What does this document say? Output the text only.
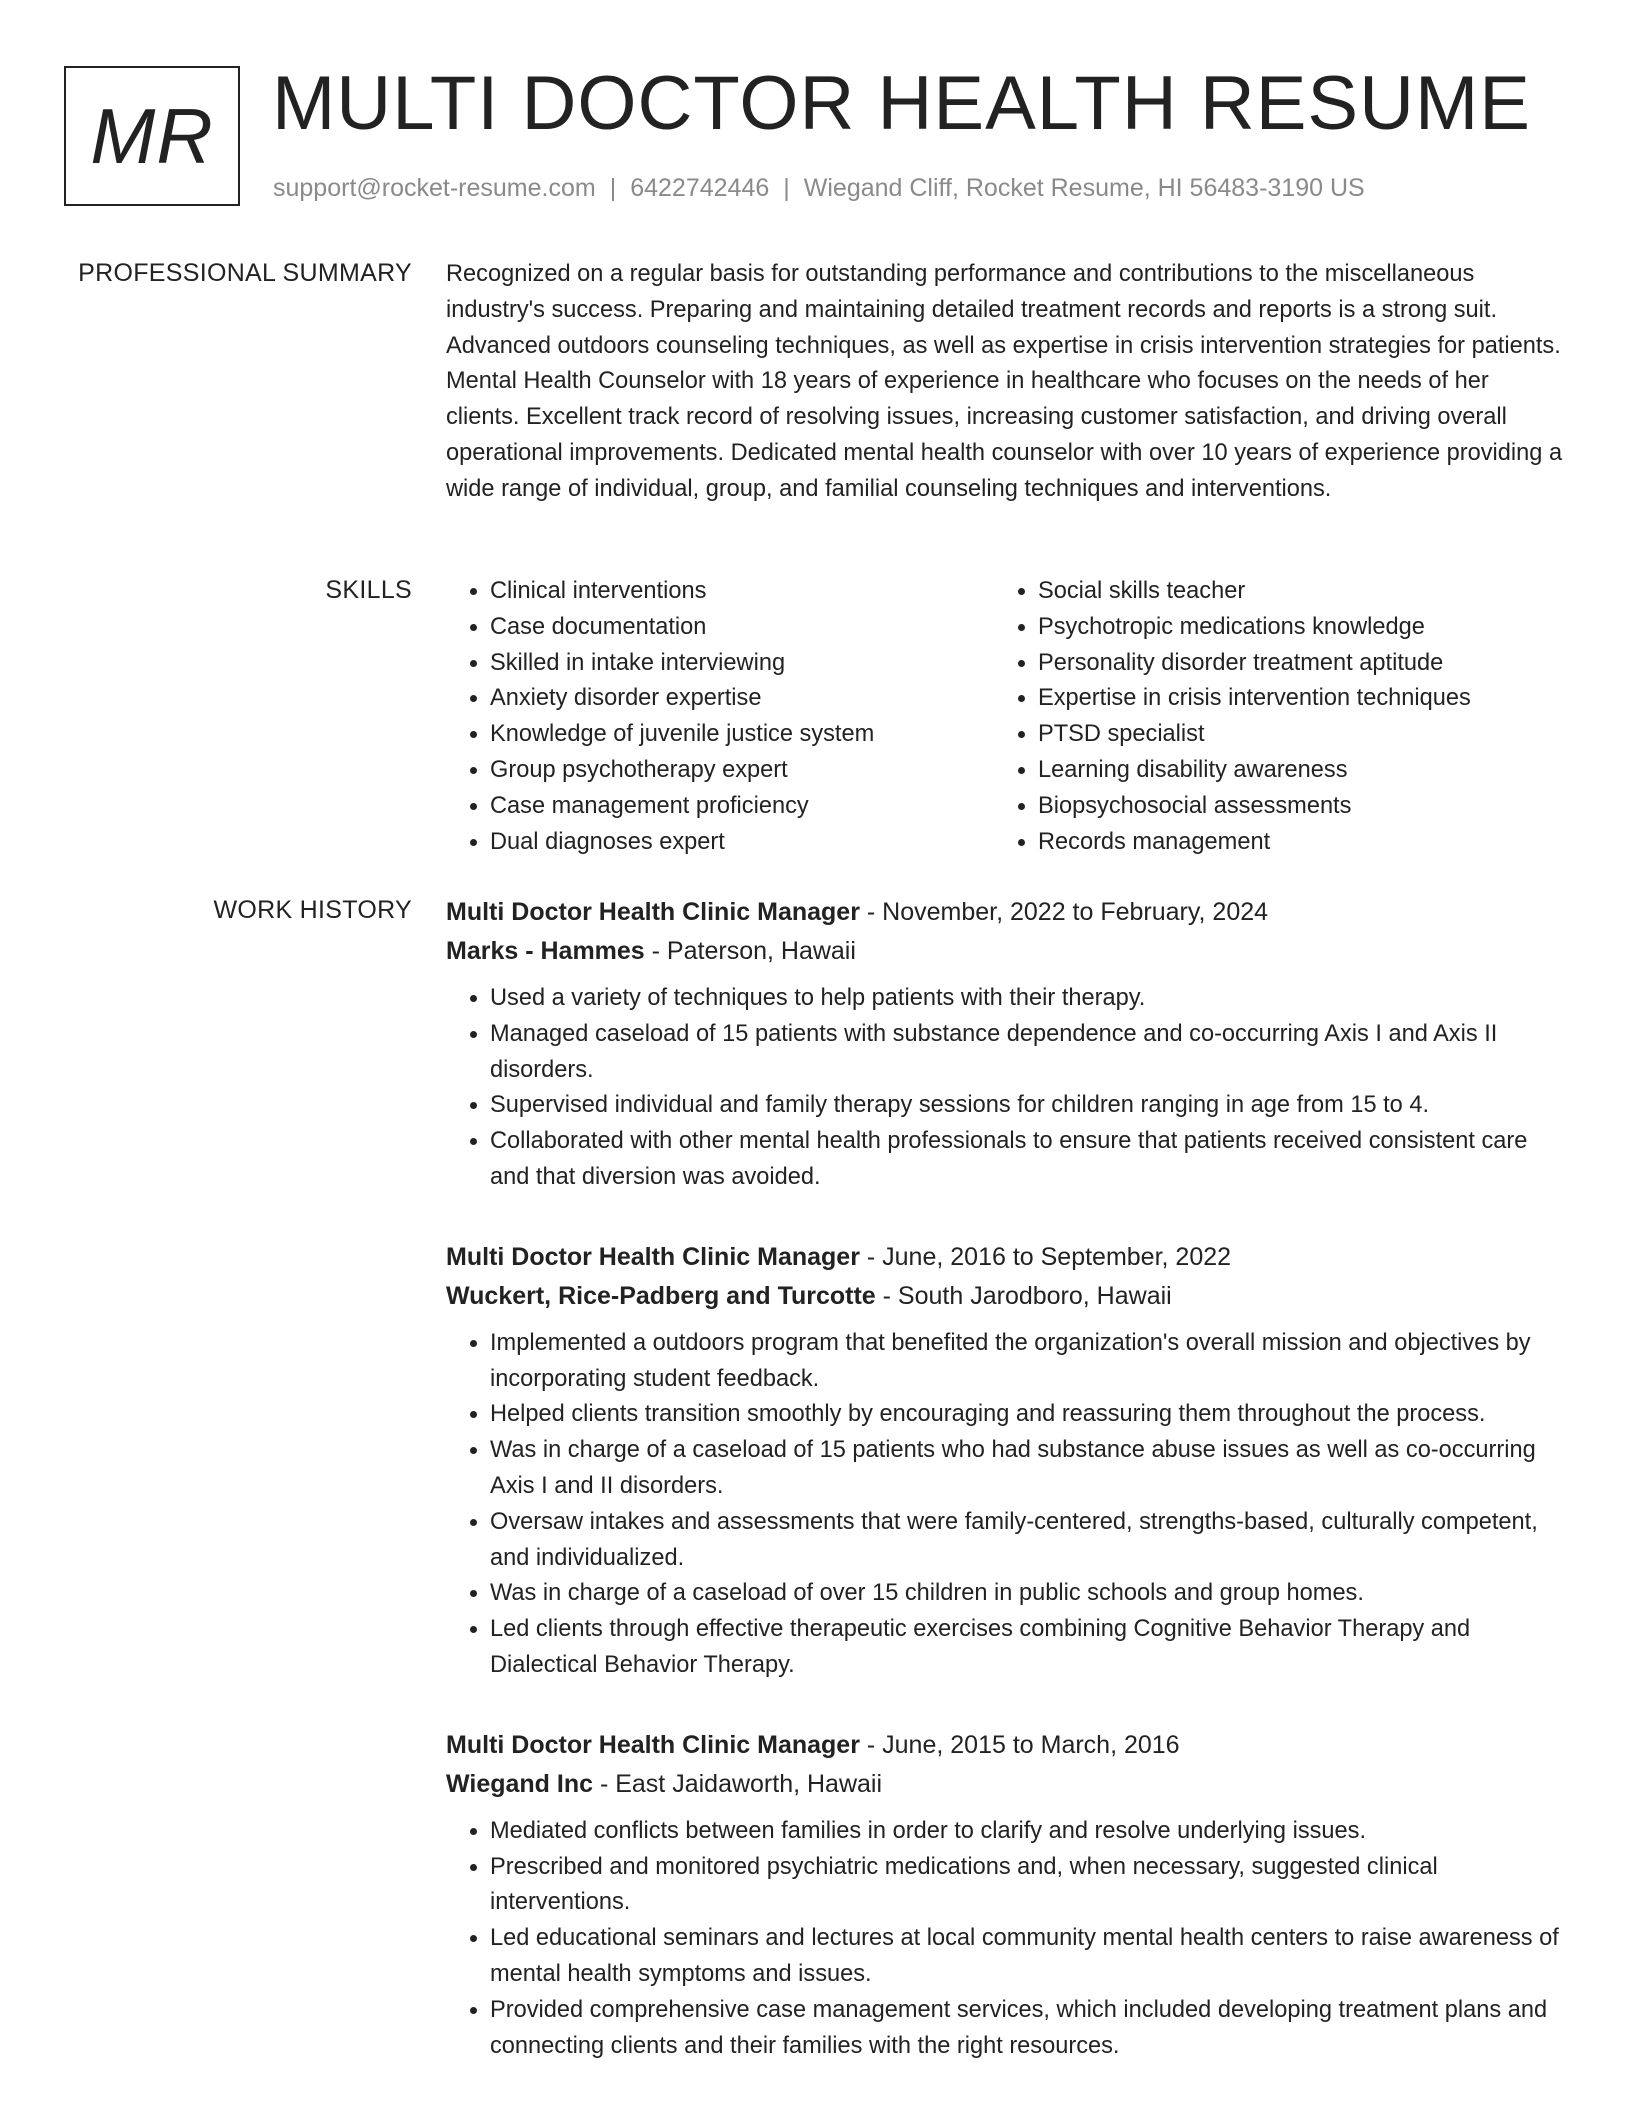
MR MULTI DOCTOR HEALTH RESUME
support@rocket-resume.com | 6422742446 | Wiegand Cliff, Rocket Resume, HI 56483-3190 US
PROFESSIONAL SUMMARY Recognized on a regular basis for outstanding performance and contributions to the miscellaneous industry's success. Preparing and maintaining detailed treatment records and reports is a strong suit. Advanced outdoors counseling techniques, as well as expertise in crisis intervention strategies for patients. Mental Health Counselor with 18 years of experience in healthcare who focuses on the needs of her clients. Excellent track record of resolving issues, increasing customer satisfaction, and driving overall operational improvements. Dedicated mental health counselor with over 10 years of experience providing a wide range of individual, group, and familial counseling techniques and interventions.

SKILLS
•	Clinical interventions
• Case documentation
• Skilled in intake interviewing
• Anxiety disorder expertise
• Knowledge of juvenile justice system
• Group psychotherapy expert
• Case management proficiency
• Dual diagnoses expert
• Social skills teacher
• Psychotropic medications knowledge
• Personality disorder treatment aptitude
• Expertise in crisis intervention techniques
• PTSD specialist
• Learning disability awareness
• Biopsychosocial assessments
• Records management
WORK HISTORY Multi Doctor Health Clinic Manager - November, 2022 to February, 2024
Marks - Hammes - Paterson, Hawaii
• Used a variety of techniques to help patients with their therapy.
• Managed caseload of 15 patients with substance dependence and co-occurring Axis I and Axis II disorders.
• Supervised individual and family therapy sessions for children ranging in age from 15 to 4.
• Collaborated with other mental health professionals to ensure that patients received consistent care and that diversion was avoided.
Multi Doctor Health Clinic Manager - June, 2016 to September, 2022
Wuckert, Rice-Padberg and Turcotte - South Jarodboro, Hawaii
• Implemented a outdoors program that benefited the organization's overall mission and objectives by incorporating student feedback.
• Helped clients transition smoothly by encouraging and reassuring them throughout the process.
• Was in charge of a caseload of 15 patients who had substance abuse issues as well as co-occurring Axis I and II disorders.
• Oversaw intakes and assessments that were family-centered, strengths-based, culturally competent, and individualized.
• Was in charge of a caseload of over 15 children in public schools and group homes.
• Led clients through effective therapeutic exercises combining Cognitive Behavior Therapy and Dialectical Behavior Therapy.
Multi Doctor Health Clinic Manager - June, 2015 to March, 2016
Wiegand Inc - East Jaidaworth, Hawaii
• Mediated conflicts between families in order to clarify and resolve underlying issues.
• Prescribed and monitored psychiatric medications and, when necessary, suggested clinical interventions.
• Led educational seminars and lectures at local community mental health centers to raise awareness of mental health symptoms and issues.
• Provided comprehensive case management services, which included developing treatment plans and connecting clients and their families with the right resources.
